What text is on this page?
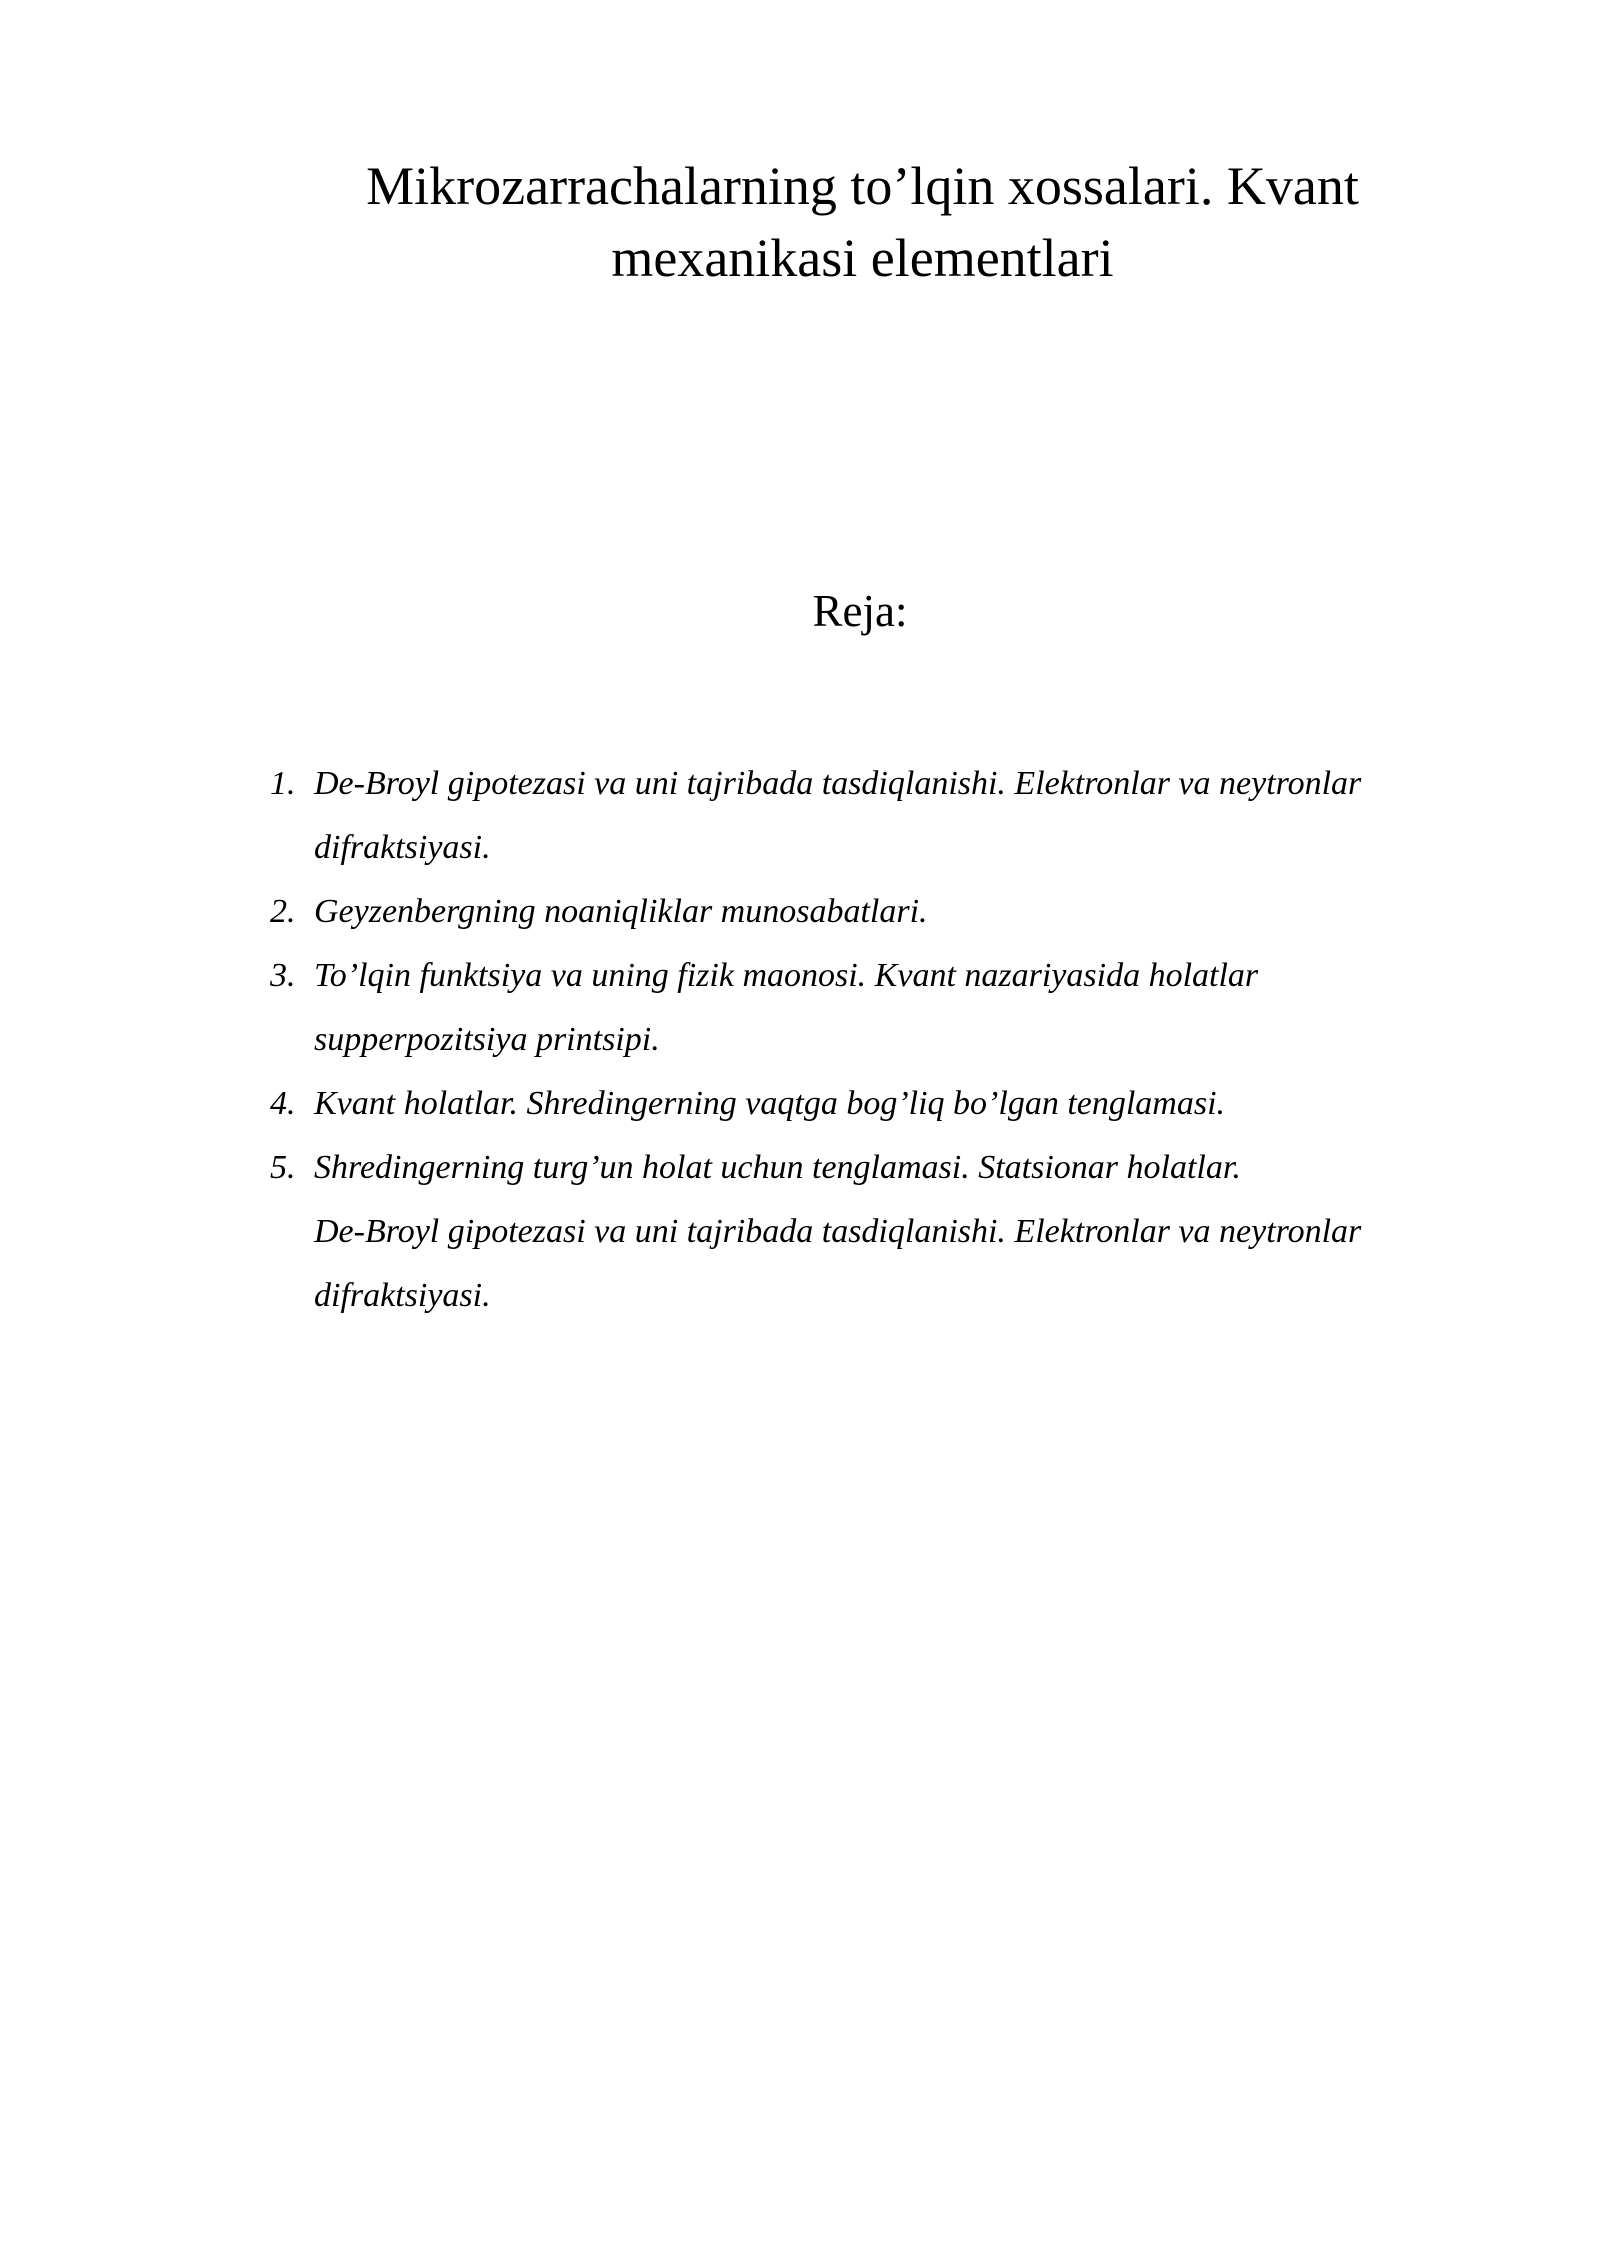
Mikrozarrachalarning to’lqin xossalari. Kvant
mexanikasi elementlari
Reja:
1. De-Broyl gipotezasi va uni tajribada tasdiqlanishi. Elektronlar va neytronlar
difraktsiyasi.
2. Geyzenbergning noaniqliklar munosabatlari.
3. To’lqin funktsiya va uning fizik maonosi. Kvant nazariyasida holatlar
supperpozitsiya printsipi.
4. Kvant holatlar. Shredingerning vaqtga bog’liq bo’lgan tenglamasi.
5. Shredingerning turg’un holat uchun tenglamasi. Statsionar holatlar.
De-Broyl gipotezasi va uni tajribada tasdiqlanishi. Elektronlar va neytronlar
difraktsiyasi.
